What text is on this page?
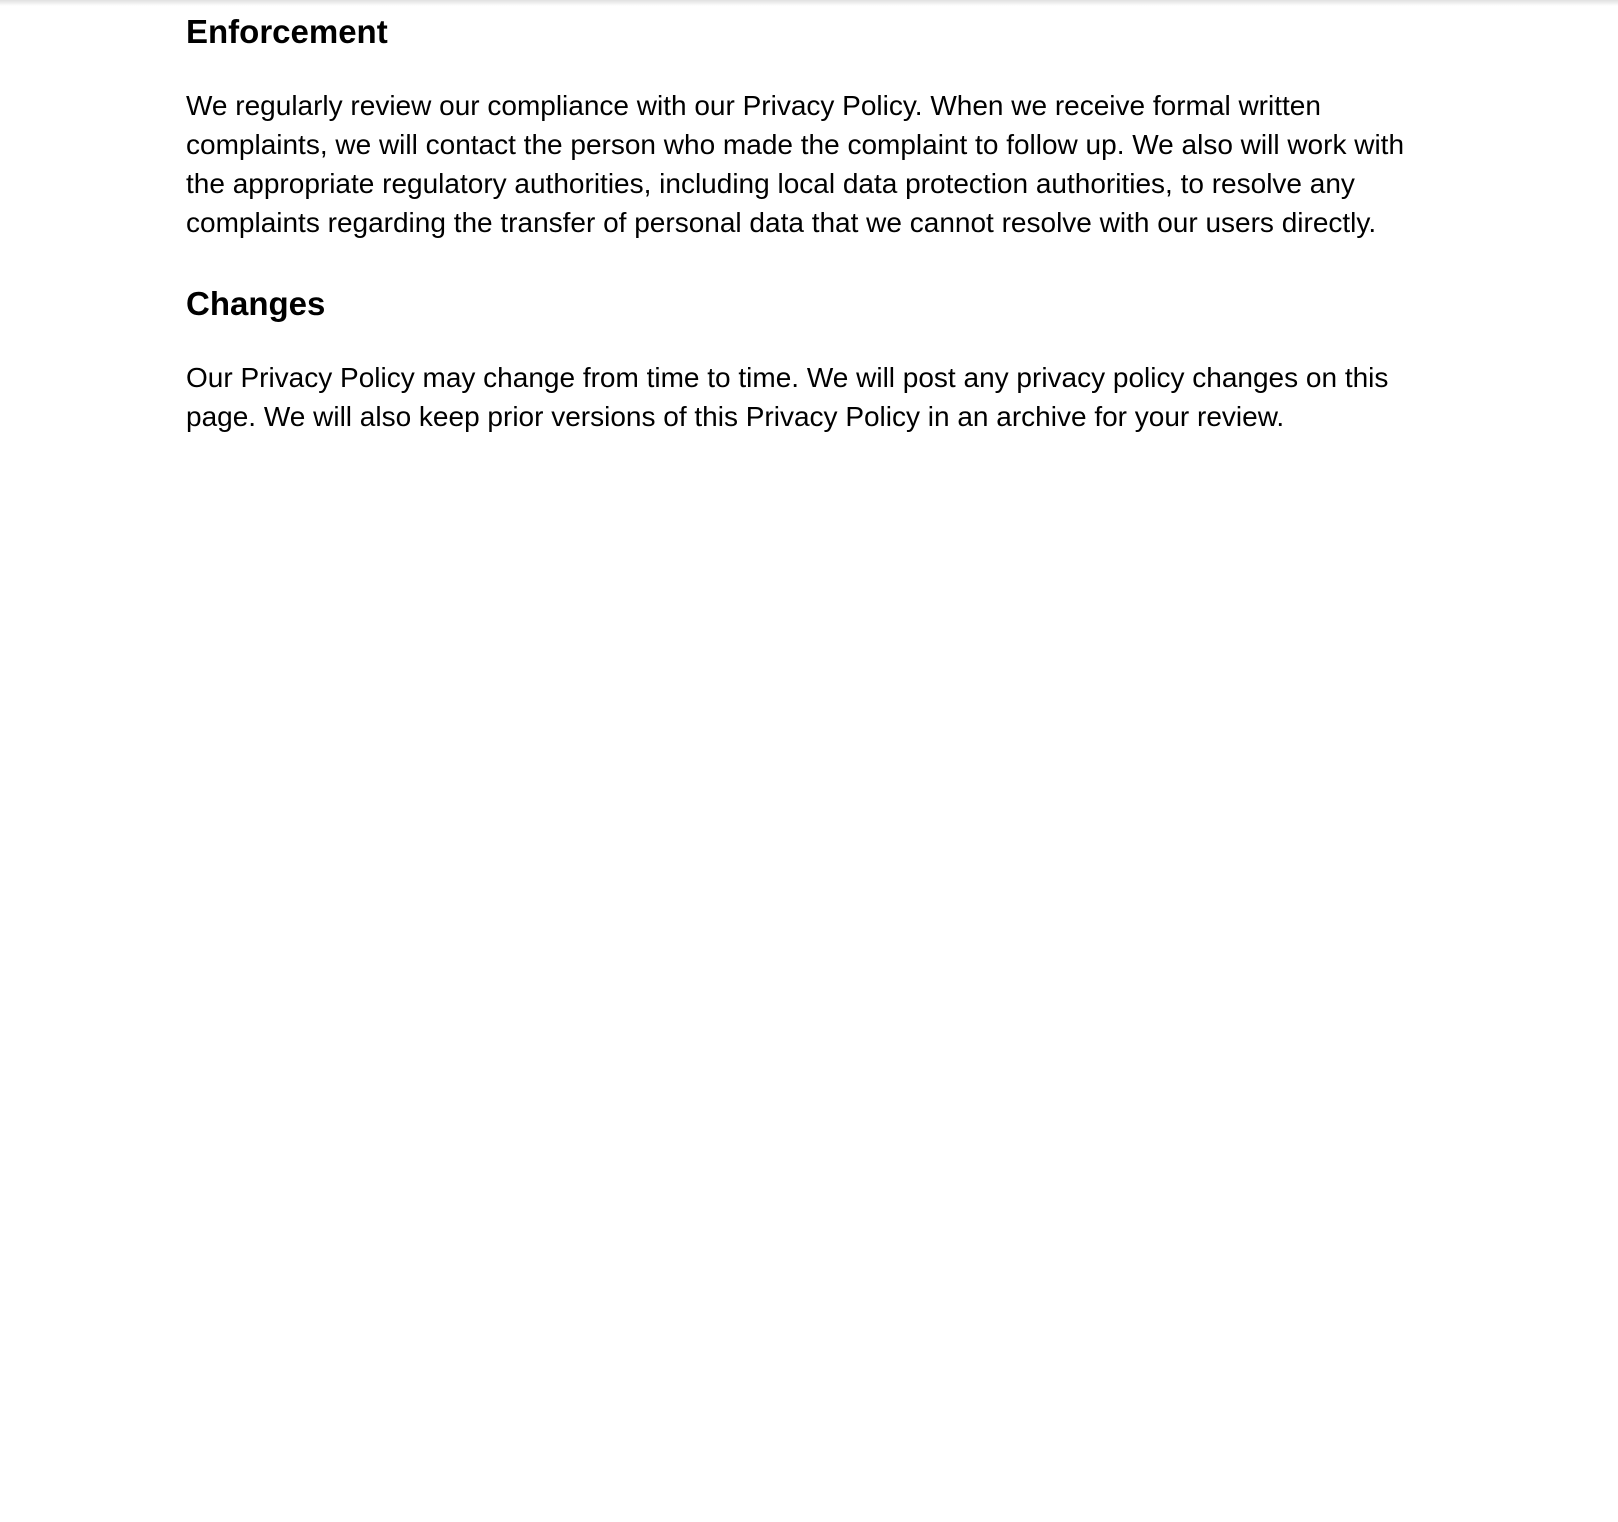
Enforcement

We regularly review our compliance with our Privacy Policy. When we receive formal written complaints, we will contact the person who made the complaint to follow up. We also will work with the appropriate regulatory authorities, including local data protection authorities, to resolve any complaints regarding the transfer of personal data that we cannot resolve with our users directly.

Changes

Our Privacy Policy may change from time to time. We will post any privacy policy changes on this page. We will also keep prior versions of this Privacy Policy in an archive for your review.
